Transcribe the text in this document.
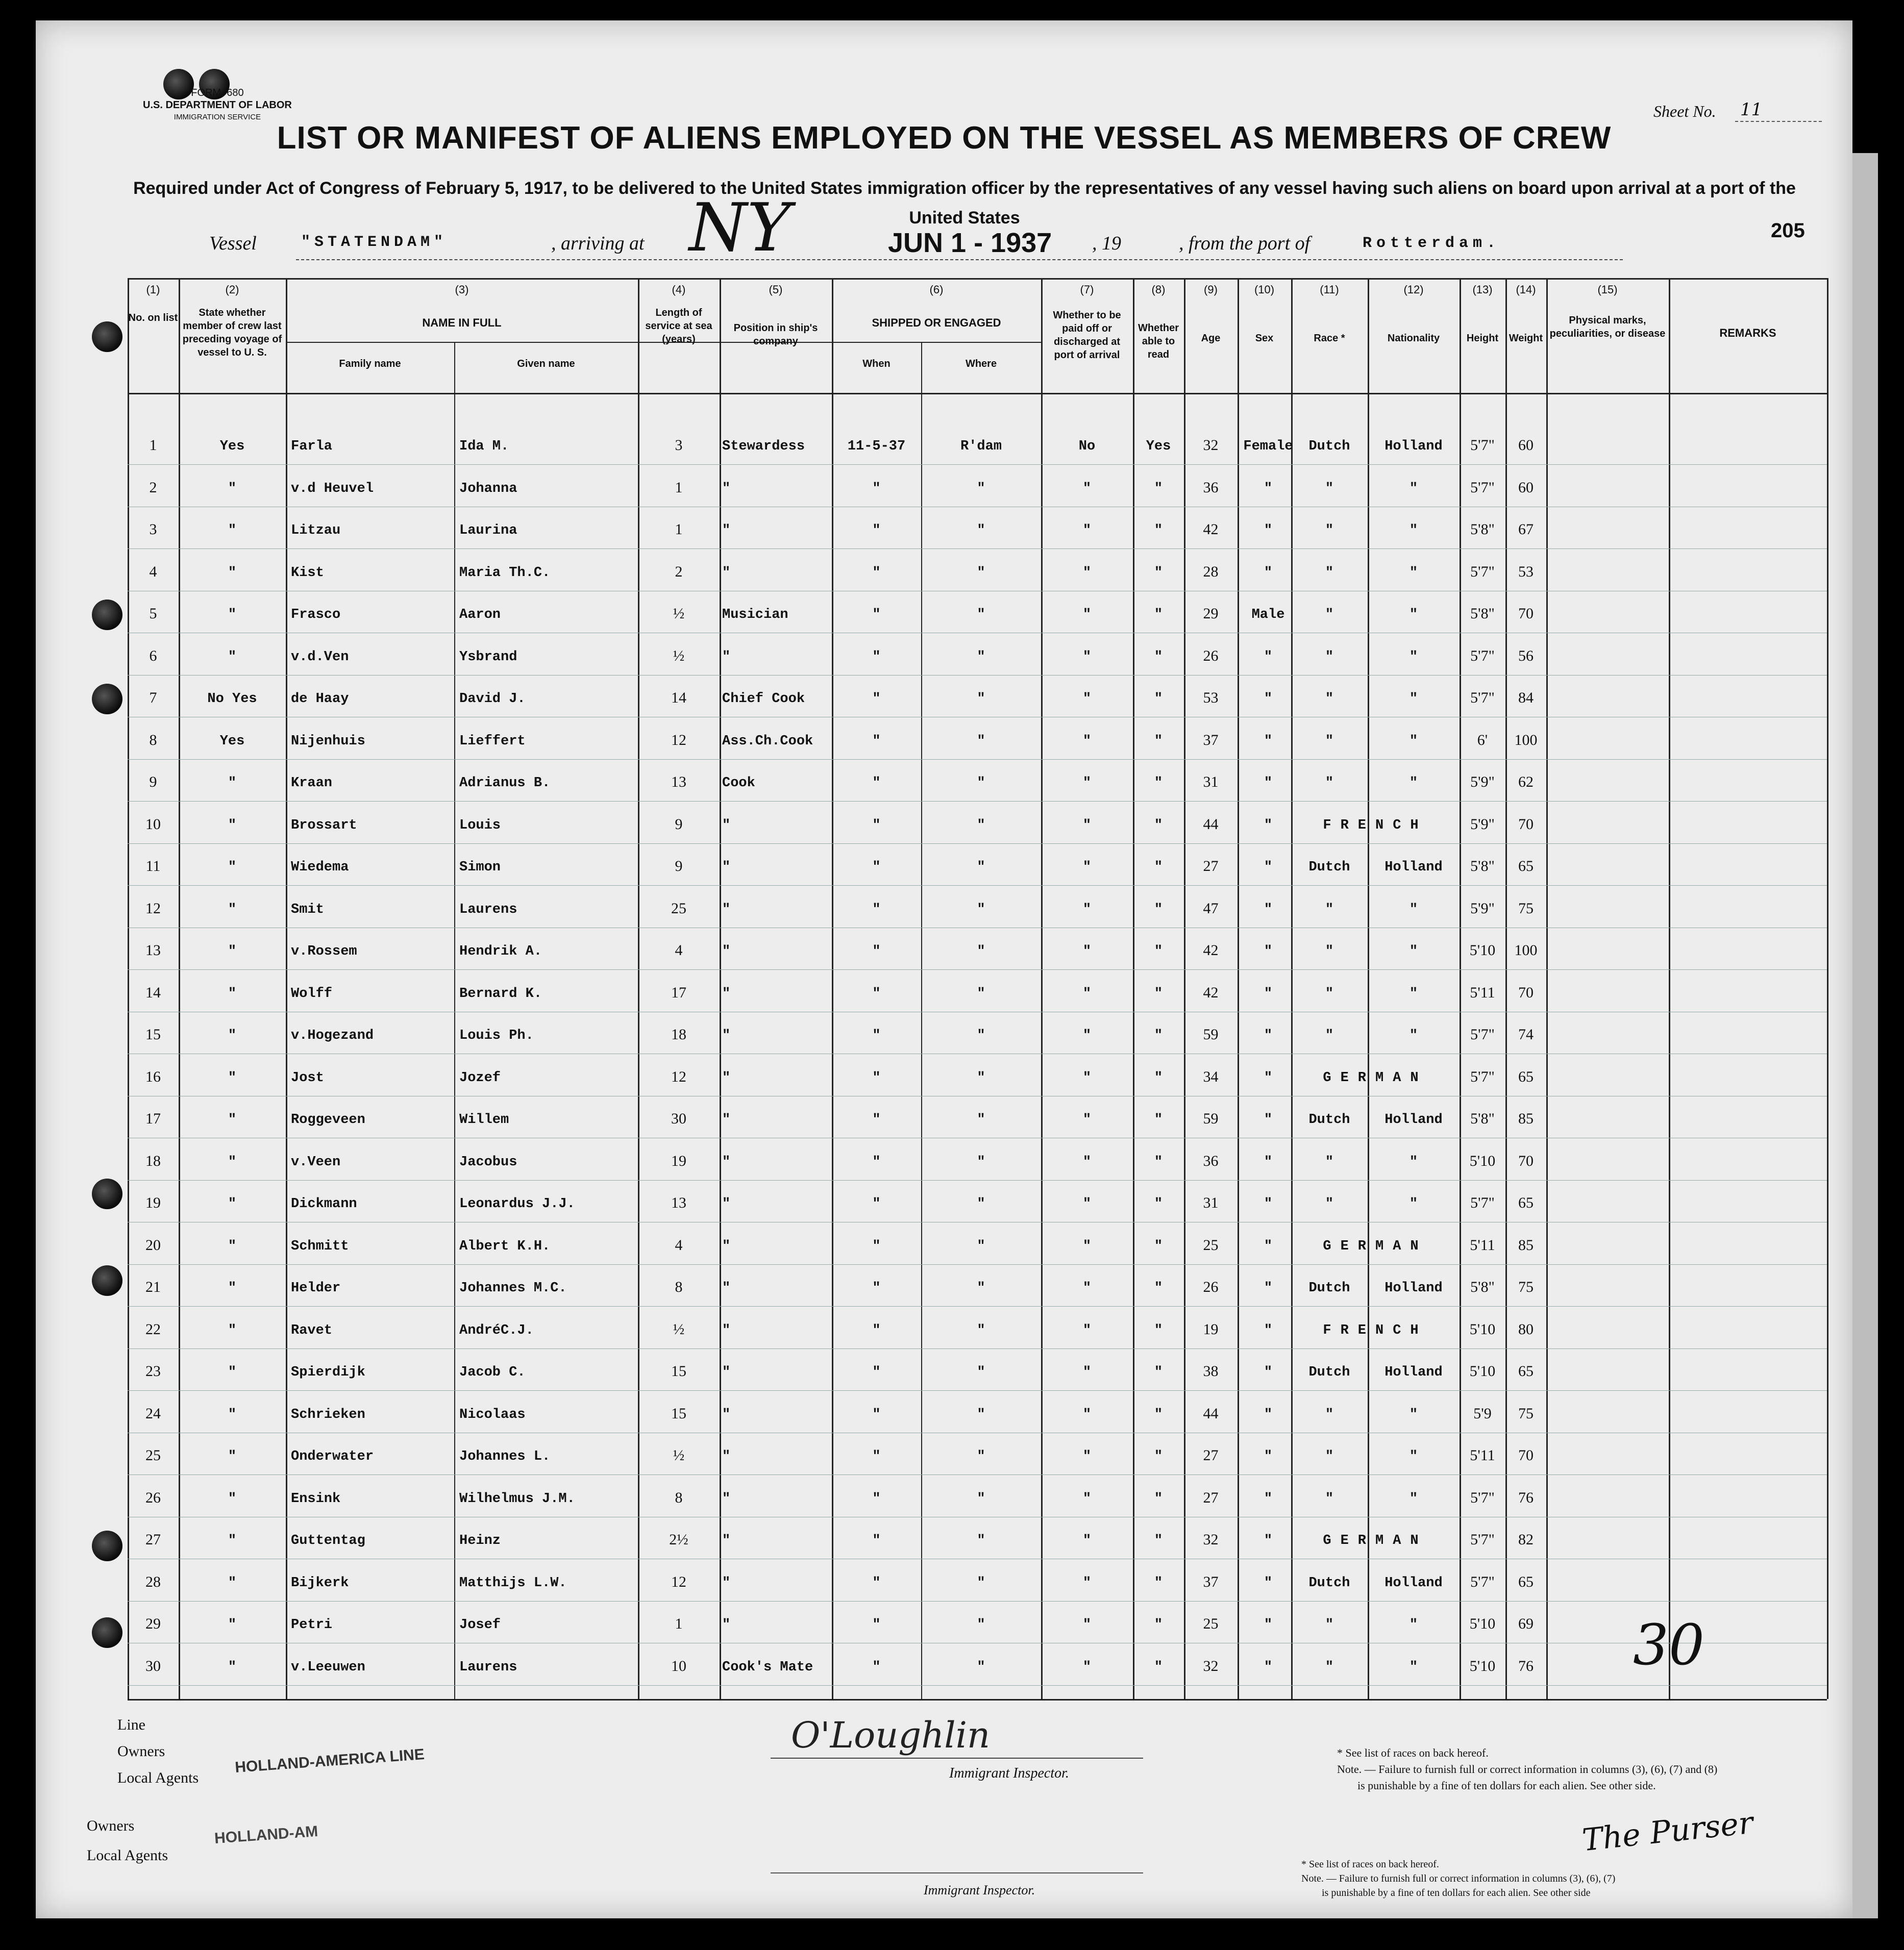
FORM. 680
U.S. DEPARTMENT OF LABOR
IMMIGRATION SERVICE	Sheet No. 11
LIST OR MANIFEST OF ALIENS EMPLOYED ON THE VESSEL AS MEMBERS OF CREW
Required under Act of Congress of February 5, 1917, to be delivered to the United States immigration officer by the representatives of any vessel having such aliens on board upon arrival at a port of the United States
205
Vessel	"STATENDAM"	, arriving at NY	JUN 1 - 1937 , 19	, from the port of	Rotterdam.
(1)	(2)	(3)	(4)	(5)	(6)	(7)	(8)	(9)	(10)	(11)	(12)	(13)	(14)	(15)
No. on list	State whether member of crew last preceding voyage of vessel to U. S.
NAME IN FULL
Family name	Given name
Length of service at sea (years)
Position in ship's company
SHIPPED OR ENGAGED
When	Where
Whether to be paid off or discharged at port of arrival
Whether able to read
Age	Sex	Race *	Nationality	Height	Weight
Physical marks, peculiarities, or disease	REMARKS
1	Yes	Farla	Ida M.	3	Stewardess	11-5-37	R'dam	No	Yes	32	Female	Dutch	Holland	5'7"	60
2	"	v.d Heuvel	Johanna	1	"	"	"	"	"	36	"	"	"	5'7"	60
3	"	Litzau	Laurina	1	"	"	"	"	"	42	"	"	"	5'8"	67
4	"	Kist	Maria Th.C.	2	"	"	"	"	"	28	"	"	"	5'7"	53
5	"	Frasco	Aaron	½	Musician	"	"	"	"	29	Male	"	"	5'8"	70
6	"	v.d.Ven	Ysbrand	½	"	"	"	"	"	26	"	"	"	5'7"	56
7	No Yes	de Haay	David J.	14	Chief Cook	"	"	"	"	53	"	"	"	5'7"	84
8	Yes	Nijenhuis	Lieffert	12	Ass.Ch.Cook	"	"	"	"	37	"	"	"	6'	100
9	"	Kraan	Adrianus B.	13	Cook	"	"	"	"	31	"	"	"	5'9"	62
10	"	Brossart	Louis	9	"	"	"	"	"	44	"	FRENCH	5'9"	70
11	"	Wiedema	Simon	9	"	"	"	"	"	27	"	Dutch	Holland	5'8"	65
12	"	Smit	Laurens	25	"	"	"	"	"	47	"	"	"	5'9"	75
13	"	v.Rossem	Hendrik A.	4	"	"	"	"	"	42	"	"	"	5'10	100
14	"	Wolff	Bernard K.	17	"	"	"	"	"	42	"	"	"	5'11	70
15	"	v.Hogezand	Louis Ph.	18	"	"	"	"	"	59	"	"	"	5'7"	74
16	"	Jost	Jozef	12	"	"	"	"	"	34	"	GERMAN	5'7"	65
17	"	Roggeveen	Willem	30	"	"	"	"	"	59	"	Dutch	Holland	5'8"	85
18	"	v.Veen	Jacobus	19	"	"	"	"	"	36	"	"	"	5'10	70
19	"	Dickmann	Leonardus J.J.	13	"	"	"	"	"	31	"	"	"	5'7"	65
20	"	Schmitt	Albert K.H.	4	"	"	"	"	"	25	"	GERMAN	5'11	85
21	"	Helder	Johannes M.C.	8	"	"	"	"	"	26	"	Dutch	Holland	5'8"	75
22	"	Ravet	AndréC.J.	½	"	"	"	"	"	19	"	FRENCH	5'10	80
23	"	Spierdijk	Jacob C.	15	"	"	"	"	"	38	"	Dutch	Holland	5'10	65
24	"	Schrieken	Nicolaas	15	"	"	"	"	"	44	"	"	"	5'9	75
25	"	Onderwater	Johannes L.	½	"	"	"	"	"	27	"	"	"	5'11	70
26	"	Ensink	Wilhelmus J.M.	8	"	"	"	"	"	27	"	"	"	5'7"	76
27	"	Guttentag	Heinz	2½	"	"	"	"	"	32	"	GERMAN	5'7"	82
28	"	Bijkerk	Matthijs L.W.	12	"	"	"	"	"	37	"	Dutch	Holland	5'7"	65
29	"	Petri	Josef	1	"	"	"	"	"	25	"	"	"	5'10	69
30	"	v.Leeuwen	Laurens	10	Cook's Mate	"	"	"	"	32	"	"	"	5'10	76 30
Line
Owners
Local Agents
HOLLAND-AMERICA LINE
O'Loughlin
Immigrant Inspector.
* See list of races on back hereof.
Note. — Failure to furnish full or correct information in columns (3), (6), (7) and (8)
is punishable by a fine of ten dollars for each alien. See other side.
Owners
Local Agents
HOLLAND-AM
Immigrant Inspector.
* See list of races on back hereof.
Note. — Failure to furnish full or correct information in columns (3), (6), (7)
is punishable by a fine of ten dollars for each alien. See other side
The Purser
